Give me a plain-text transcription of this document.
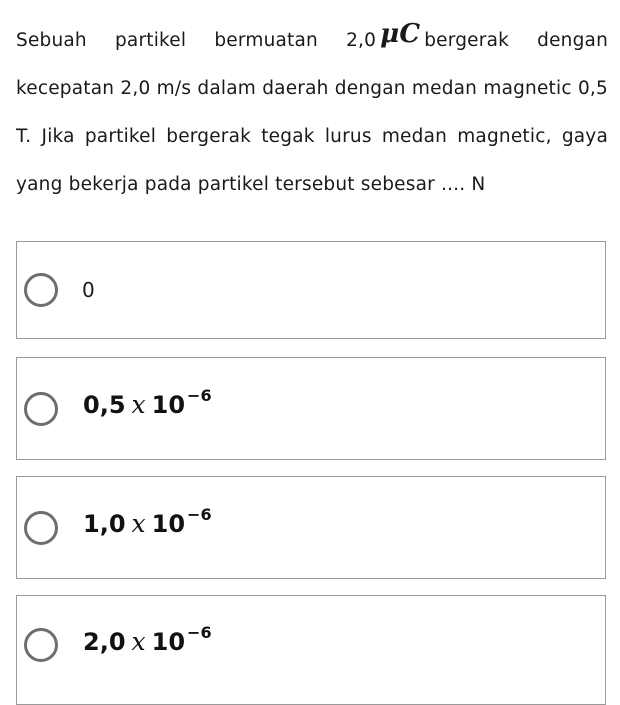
Sebuah partikel bermuatan 2,0 μC bergerak dengan kecepatan 2,0 m/s dalam daerah dengan medan magnetic 0,5 T. Jika partikel bergerak tegak lurus medan magnetic, gaya yang bekerja pada partikel tersebut sebesar .... N
0
0,5 x 10 $^{-6}$
1,0 x 10 $^{-6}$
2,0 x 10 $^{-6}$
